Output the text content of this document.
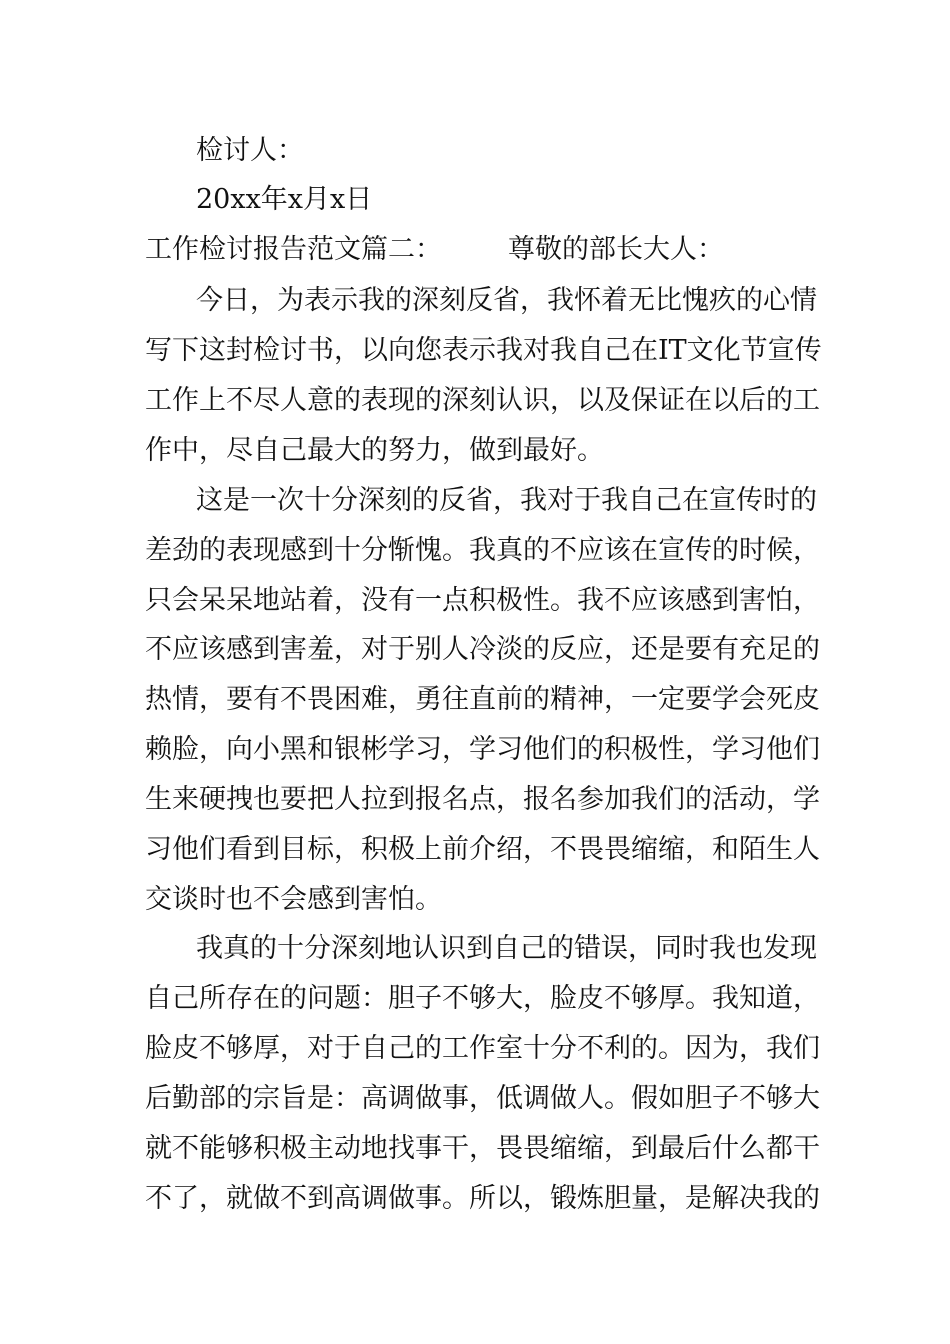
检讨人：
20xx年x月x日
工作检讨报告范文篇二： 尊敬的部长大人：
今日，为表示我的深刻反省，我怀着无比愧疚的心情
写下这封检讨书，以向您表示我对我自己在IT文化节宣传
工作上不尽人意的表现的深刻认识，以及保证在以后的工
作中，尽自己最大的努力，做到最好。
这是一次十分深刻的反省，我对于我自己在宣传时的
差劲的表现感到十分惭愧。我真的不应该在宣传的时候，
只会呆呆地站着，没有一点积极性。我不应该感到害怕，
不应该感到害羞，对于别人冷淡的反应，还是要有充足的
热情，要有不畏困难，勇往直前的精神，一定要学会死皮
赖脸，向小黑和银彬学习，学习他们的积极性，学习他们
生来硬拽也要把人拉到报名点，报名参加我们的活动，学
习他们看到目标，积极上前介绍，不畏畏缩缩，和陌生人
交谈时也不会感到害怕。
我真的十分深刻地认识到自己的错误，同时我也发现
自己所存在的问题：胆子不够大，脸皮不够厚。我知道，
脸皮不够厚，对于自己的工作室十分不利的。因为，我们
后勤部的宗旨是：高调做事，低调做人。假如胆子不够大
就不能够积极主动地找事干，畏畏缩缩，到最后什么都干
不了，就做不到高调做事。所以，锻炼胆量，是解决我的
